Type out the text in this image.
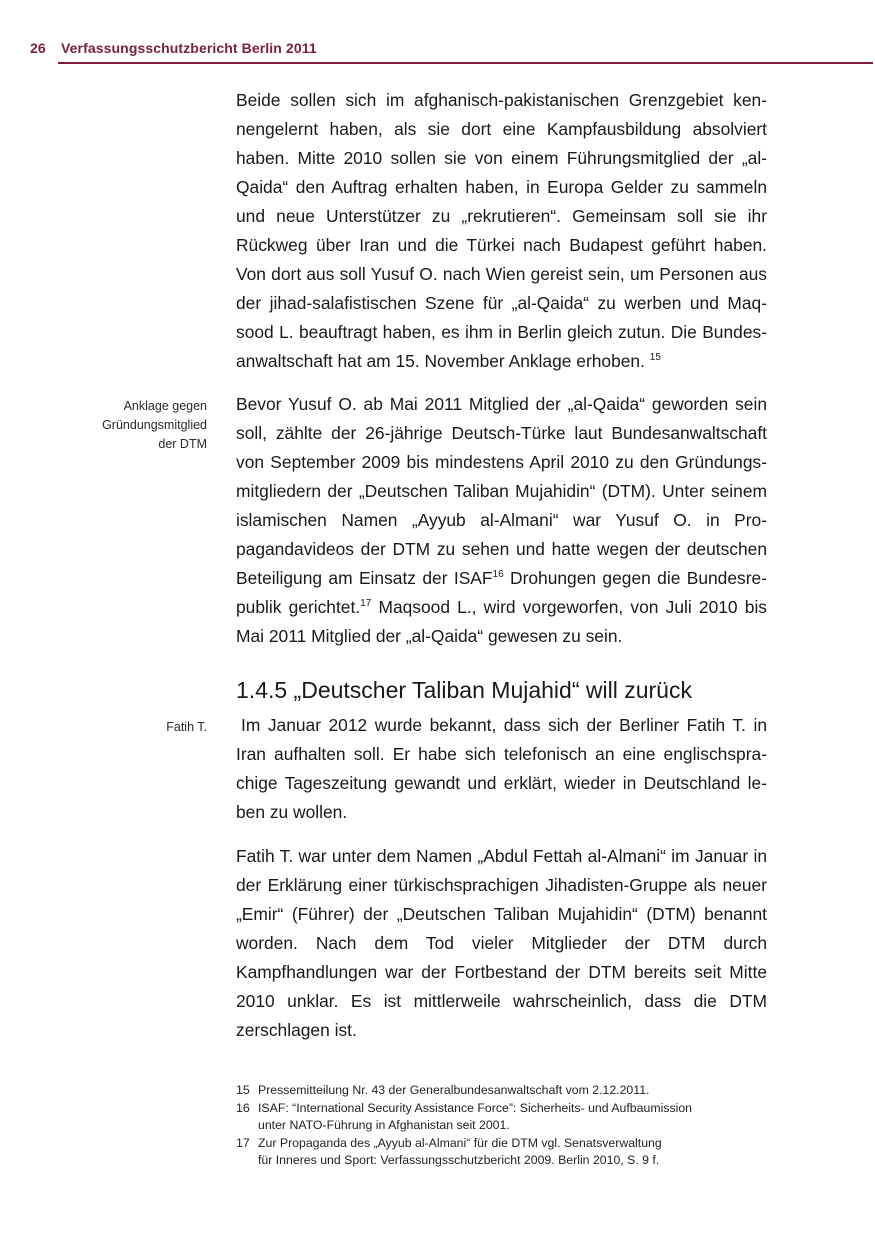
26 Verfassungsschutzbericht Berlin 2011

Beide sollen sich im afghanisch-pakistanischen Grenzgebiet kennengelernt haben, als sie dort eine Kampfausbildung absolviert haben. Mitte 2010 sollen sie von einem Führungsmitglied der „al-Qaida“ den Auftrag erhalten haben, in Europa Gelder zu sammeln und neue Unterstützer zu „rekrutieren“. Gemeinsam soll sie ihr Rückweg über Iran und die Türkei nach Budapest geführt haben. Von dort aus soll Yusuf O. nach Wien gereist sein, um Personen aus der jihad-salafistischen Szene für „al-Qaida“ zu werben und Maqsood L. beauftragt haben, es ihm in Berlin gleich zutun. Die Bundesanwaltschaft hat am 15. November Anklage erhoben. $^{15}$

Anklage gegen
Gründungsmitglied
der DTM

Bevor Yusuf O. ab Mai 2011 Mitglied der „al-Qaida“ geworden sein soll, zählte der 26-jährige Deutsch-Türke laut Bundesanwaltschaft von September 2009 bis mindestens April 2010 zu den Gründungsmitgliedern der „Deutschen Taliban Mujahidin“ (DTM). Unter seinem islamischen Namen „Ayyub al-Almani“ war Yusuf O. in Propagandavideos der DTM zu sehen und hatte wegen der deutschen Beteiligung am Einsatz der ISAF$^{16}$ Drohungen gegen die Bundesrepublik gerichtet.$^{17}$ Maqsood L., wird vorgeworfen, von Juli 2010 bis Mai 2011 Mitglied der „al-Qaida“ gewesen zu sein.

1.4.5 „Deutscher Taliban Mujahid“ will zurück
Fatih T. Im Januar 2012 wurde bekannt, dass sich der Berliner Fatih T. in Iran aufhalten soll. Er habe sich telefonisch an eine englischsprachige Tageszeitung gewandt und erklärt, wieder in Deutschland leben zu wollen.

Fatih T. war unter dem Namen „Abdul Fettah al-Almani“ im Januar in der Erklärung einer türkischsprachigen Jihadisten-Gruppe als neuer „Emir“ (Führer) der „Deutschen Taliban Mujahidin“ (DTM) benannt worden. Nach dem Tod vieler Mitglieder der DTM durch Kampfhandlungen war der Fortbestand der DTM bereits seit Mitte 2010 unklar. Es ist mittlerweile wahrscheinlich, dass die DTM zerschlagen ist.

15 Pressemitteilung Nr. 43 der Generalbundesanwaltschaft vom 2.12.2011.
16 ISAF: “International Security Assistance Force”: Sicherheits- und Aufbaumission
unter NATO-Führung in Afghanistan seit 2001.
17 Zur Propaganda des „Ayyub al-Almani“ für die DTM vgl. Senatsverwaltung
für Inneres und Sport: Verfassungsschutzbericht 2009. Berlin 2010, S. 9 f.
